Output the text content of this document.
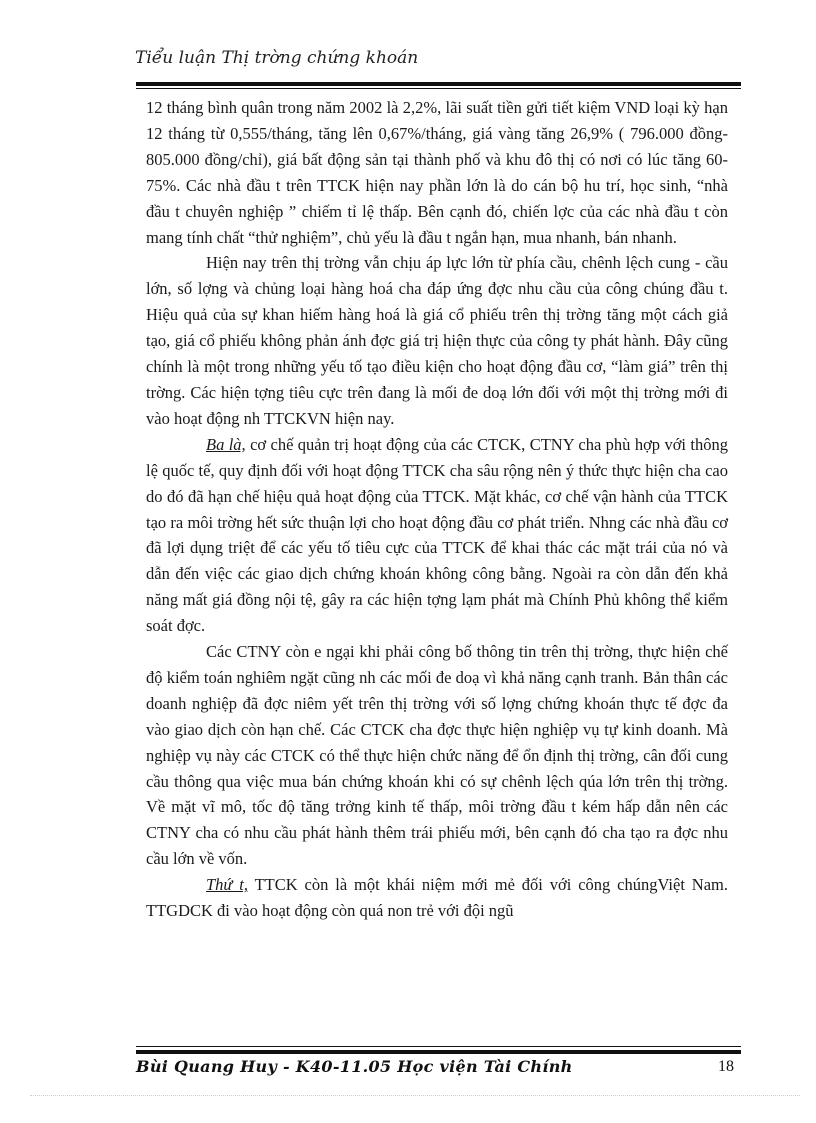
Tiểu luận Thị trờng chứng khoán

12 tháng bình quân trong năm 2002 là 2,2%, lãi suất tiền gửi tiết kiệm VND loại kỳ hạn 12 tháng từ 0,555/tháng, tăng lên 0,67%/tháng, giá vàng tăng 26,9% ( 796.000 đồng-805.000 đồng/chỉ), giá bất động sản tại thành phố và khu đô thị có nơi có lúc tăng 60-75%. Các nhà đầu t trên TTCK hiện nay phần lớn là do cán bộ hu trí, học sinh, “nhà đầu t chuyên nghiệp ” chiếm tỉ lệ thấp. Bên cạnh đó, chiến lợc của các nhà đầu t còn mang tính chất “thử nghiệm”, chủ yếu là đầu t ngắn hạn, mua nhanh, bán nhanh.

Hiện nay trên thị trờng vẫn chịu áp lực lớn từ phía cầu, chênh lệch cung - cầu lớn, số lợng và chủng loại hàng hoá cha đáp ứng đợc nhu cầu của công chúng đầu t. Hiệu quả của sự khan hiếm hàng hoá là giá cổ phiếu trên thị trờng tăng một cách giả tạo, giá cổ phiếu không phản ánh đợc giá trị hiện thực của công ty phát hành. Đây cũng chính là một trong những yếu tố tạo điều kiện cho hoạt động đầu cơ, “làm giá” trên thị trờng. Các hiện tợng tiêu cực trên đang là mối đe doạ lớn đối với một thị trờng mới đi vào hoạt động nh TTCKVN hiện nay.

Ba là, cơ chế quản trị hoạt động của các CTCK, CTNY cha phù hợp với thông lệ quốc tế, quy định đối với hoạt động TTCK cha sâu rộng nên ý thức thực hiện cha cao do đó đã hạn chế hiệu quả hoạt động của TTCK. Mặt khác, cơ chế vận hành của TTCK tạo ra môi trờng hết sức thuận lợi cho hoạt động đầu cơ phát triển. Nhng các nhà đầu cơ đã lợi dụng triệt để các yếu tố tiêu cực của TTCK để khai thác các mặt trái của nó và dẫn đến việc các giao dịch chứng khoán không công bằng. Ngoài ra còn dẫn đến khả năng mất giá đồng nội tệ, gây ra các hiện tợng lạm phát mà Chính Phủ không thể kiểm soát đợc.

Các CTNY còn e ngại khi phải công bố thông tin trên thị trờng, thực hiện chế độ kiểm toán nghiêm ngặt cũng nh các mối đe doạ vì khả năng cạnh tranh. Bản thân các doanh nghiệp đã đợc niêm yết trên thị trờng với số lợng chứng khoán thực tế đợc đa vào giao dịch còn hạn chế. Các CTCK cha đợc thực hiện nghiệp vụ tự kinh doanh. Mà nghiệp vụ này các CTCK có thể thực hiện chức năng để ổn định thị trờng, cân đối cung cầu thông qua việc mua bán chứng khoán khi có sự chênh lệch qúa lớn trên thị trờng. Về mặt vĩ mô, tốc độ tăng trởng kinh tế thấp, môi trờng đầu t kém hấp dẫn nên các CTNY cha có nhu cầu phát hành thêm trái phiếu mới, bên cạnh đó cha tạo ra đợc nhu cầu lớn về vốn.

Thứ t, TTCK còn là một khái niệm mới mẻ đối với công chúngViệt Nam. TTGDCK đi vào hoạt động còn quá non trẻ với đội ngũ

Bùi Quang Huy - K40-11.05 Học viện Tài Chính	18
